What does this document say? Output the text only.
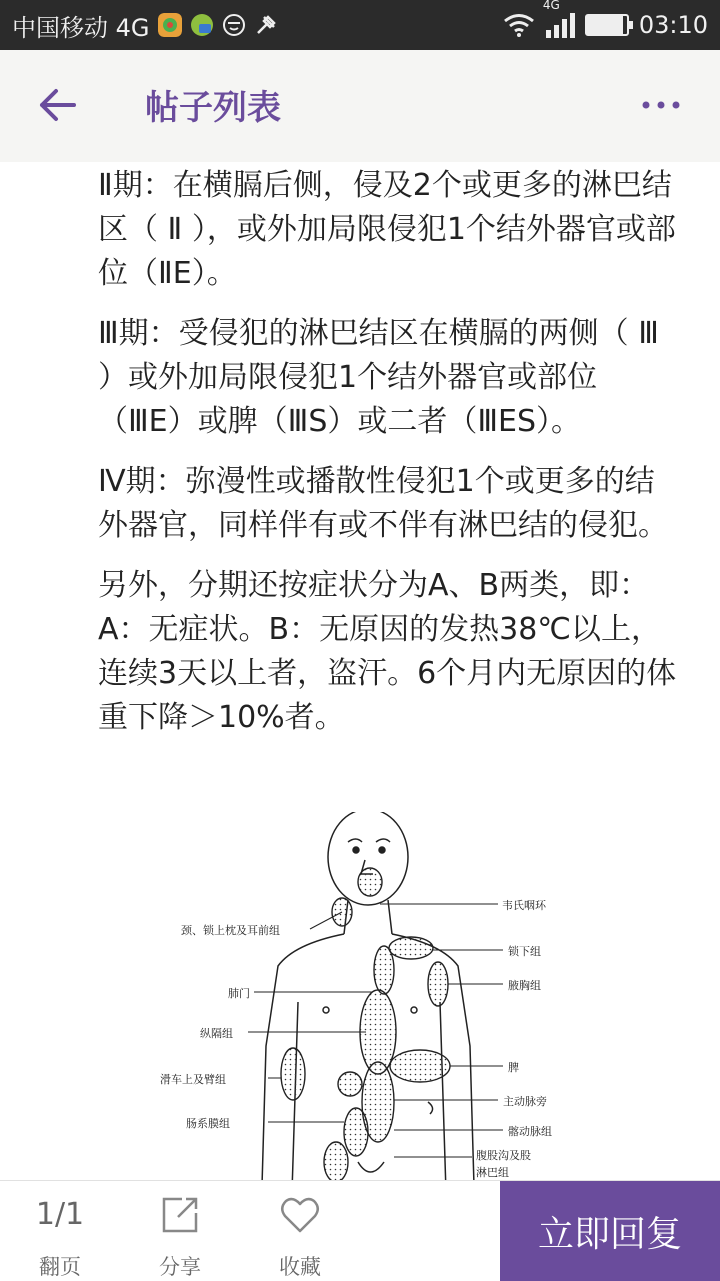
中国移动 4G
4G
03:10
帖子列表

Ⅱ期：在横膈后侧，侵及2个或更多的淋巴结区（ Ⅱ ），或外加局限侵犯1个结外器官或部位（ⅡE）。

Ⅲ期：受侵犯的淋巴结区在横膈的两侧（ Ⅲ ）或外加局限侵犯1个结外器官或部位（ⅢE）或脾（ⅢS）或二者（ⅢES）。

Ⅳ期：弥漫性或播散性侵犯1个或更多的结外器官，同样伴有或不伴有淋巴结的侵犯。

另外，分期还按症状分为A、B两类，即：A：无症状。B：无原因的发热38℃以上，连续3天以上者，盗汗。6个月内无原因的体重下降＞10%者。

颈、锁上枕及耳前组
肺门
纵隔组
滑车上及臂组
肠系膜组
韦氏咽环
锁下组
腋胸组
脾
主动脉旁
髂动脉组
腹股沟及股
淋巴组
1/1
翻页	分享	收藏
立即回复
